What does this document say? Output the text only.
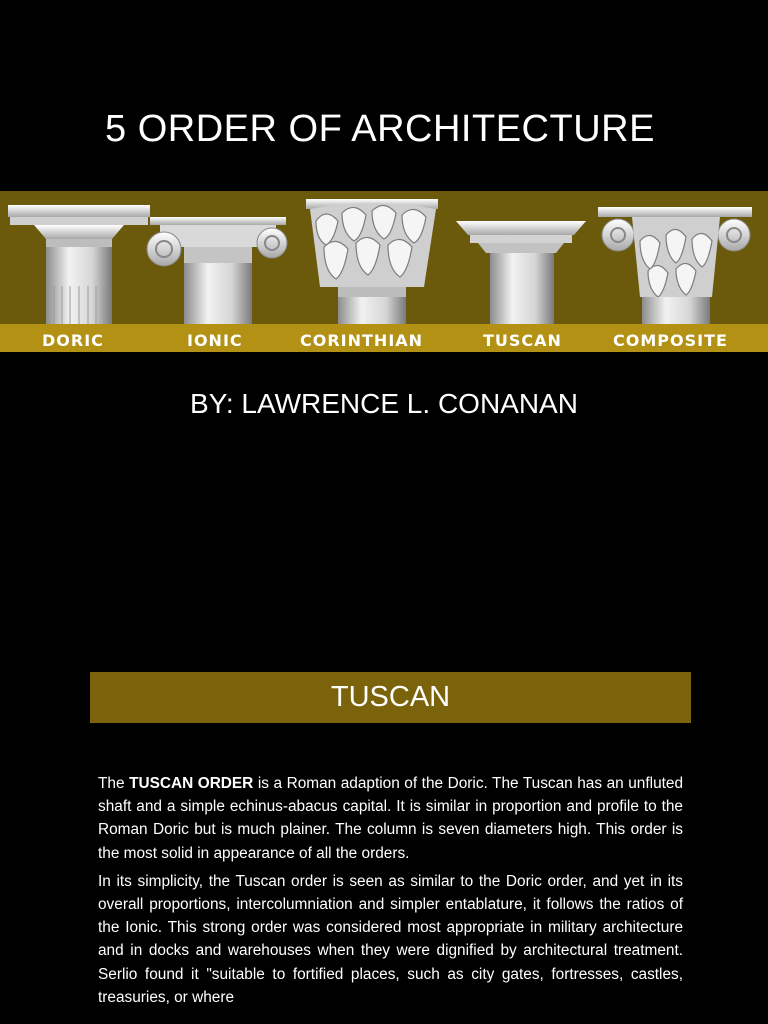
5 ORDER OF ARCHITECTURE
DORIC	IONIC	CORINTHIAN	TUSCAN	COMPOSITE
BY: LAWRENCE L. CONANAN
TUSCAN

The TUSCAN ORDER is a Roman adaption of the Doric. The Tuscan has an unfluted shaft and a simple echinus-abacus capital. It is similar in proportion and profile to the Roman Doric but is much plainer. The column is seven diameters high. This order is the most solid in appearance of all the orders.

In its simplicity, the Tuscan order is seen as similar to the Doric order, and yet in its overall proportions, intercolumniation and simpler entablature, it follows the ratios of the Ionic. This strong order was considered most appropriate in military architecture and in docks and warehouses when they were dignified by architectural treatment. Serlio found it "suitable to fortified places, such as city gates, fortresses, castles, treasuries, or where
